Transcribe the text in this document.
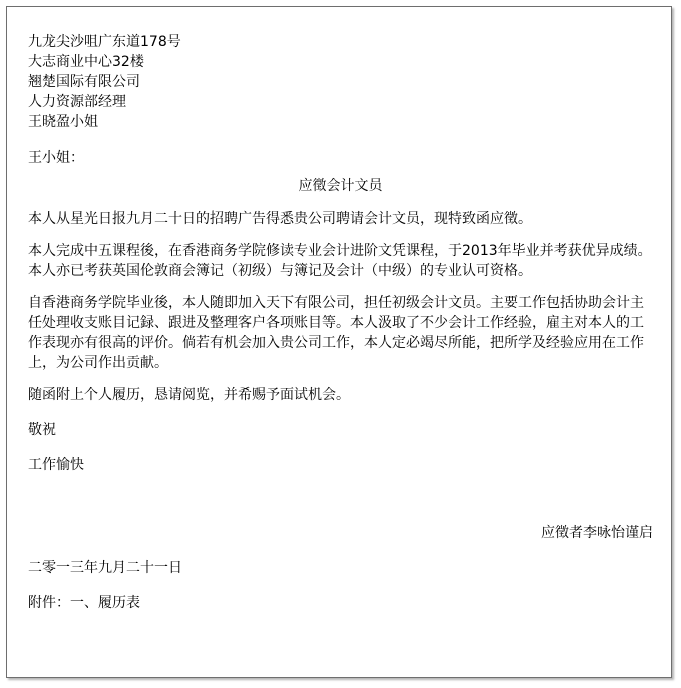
九龙尖沙咀广东道178号
大志商业中心32楼
翘楚国际有限公司
人力资源部经理
王晓盈小姐
王小姐：
应徵会计文员
本人从星光日报九月二十日的招聘广告得悉贵公司聘请会计文员，现特致函应徵。
本人完成中五课程後，在香港商务学院修读专业会计进阶文凭课程，于2013年毕业并考获优异成绩。本人亦已考获英国伦敦商会簿记（初级）与簿记及会计（中级）的专业认可资格。
自香港商务学院毕业後，本人随即加入天下有限公司，担任初级会计文员。主要工作包括协助会计主任处理收支账目记録、跟进及整理客户各项账目等。本人汲取了不少会计工作经验，雇主对本人的工作表现亦有很高的评价。倘若有机会加入贵公司工作，本人定必竭尽所能，把所学及经验应用在工作上，为公司作出贡献。
随函附上个人履历，恳请阅览，并希赐予面试机会。
敬祝
工作愉快
应徵者李咏怡谨启
二零一三年九月二十一日
附件：一、履历表
